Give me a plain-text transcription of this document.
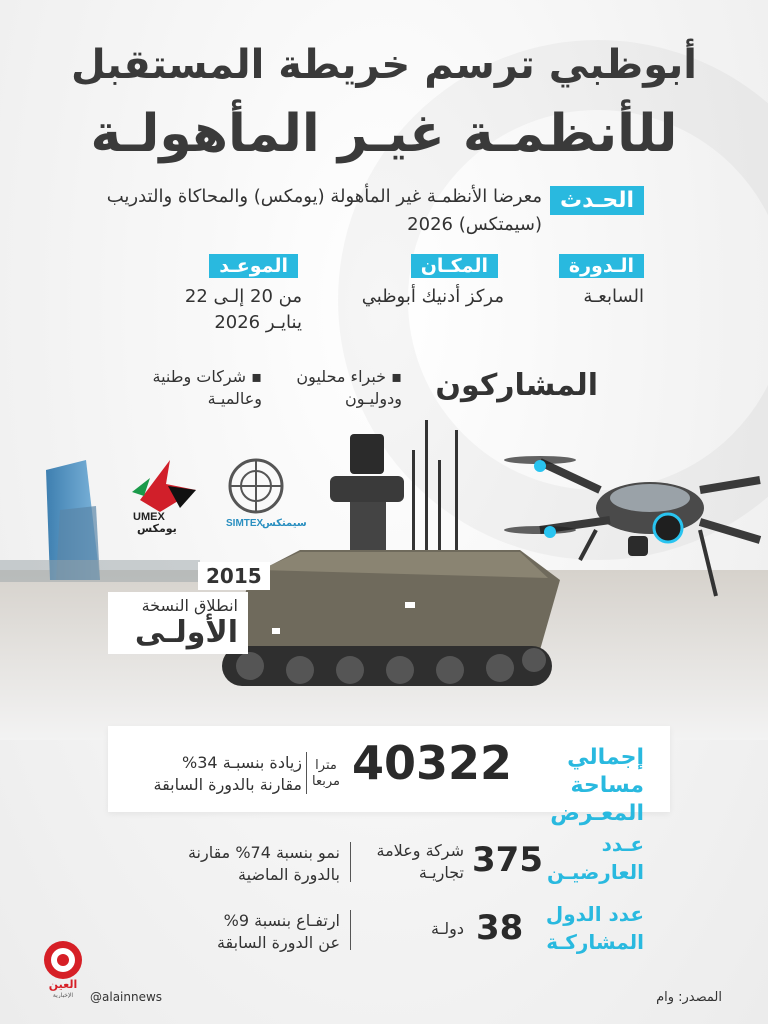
أبوظبي ترسم خريطة المستقبل
للأنظمـة غيـر المأهولـة
الحـدث
معرضا الأنظمـة غير المأهولة (يومكس) والمحاكاة والتدريب (سيمتكس) 2026
الـدورة
السابعـة
المكـان
مركز أدنيك أبوظبي
الموعـد
من 20 إلـى 22
ينايـر 2026
المشاركون
▪ خبراء محليون
ودوليـون
▪ شركات وطنية
وعالميـة
UMEX
يومكس	SIMTEX
سيمتكس
2015
انطلاق النسخة
الأولـى
إجمالي مساحة
المعـرض
40322
مترا
مربعا
زيادة بنسبـة 34%
مقارنة بالدورة السابقة
عـدد
العارضيـن
375
شركة وعلامة
تجاريـة
نمو بنسبة 74% مقارنة
بالدورة الماضية
عدد الدول
المشاركـة
38
دولـة
ارتفـاع بنسبة 9%
عن الدورة السابقة
العين
الإخبارية @alainnews	المصدر: وام
